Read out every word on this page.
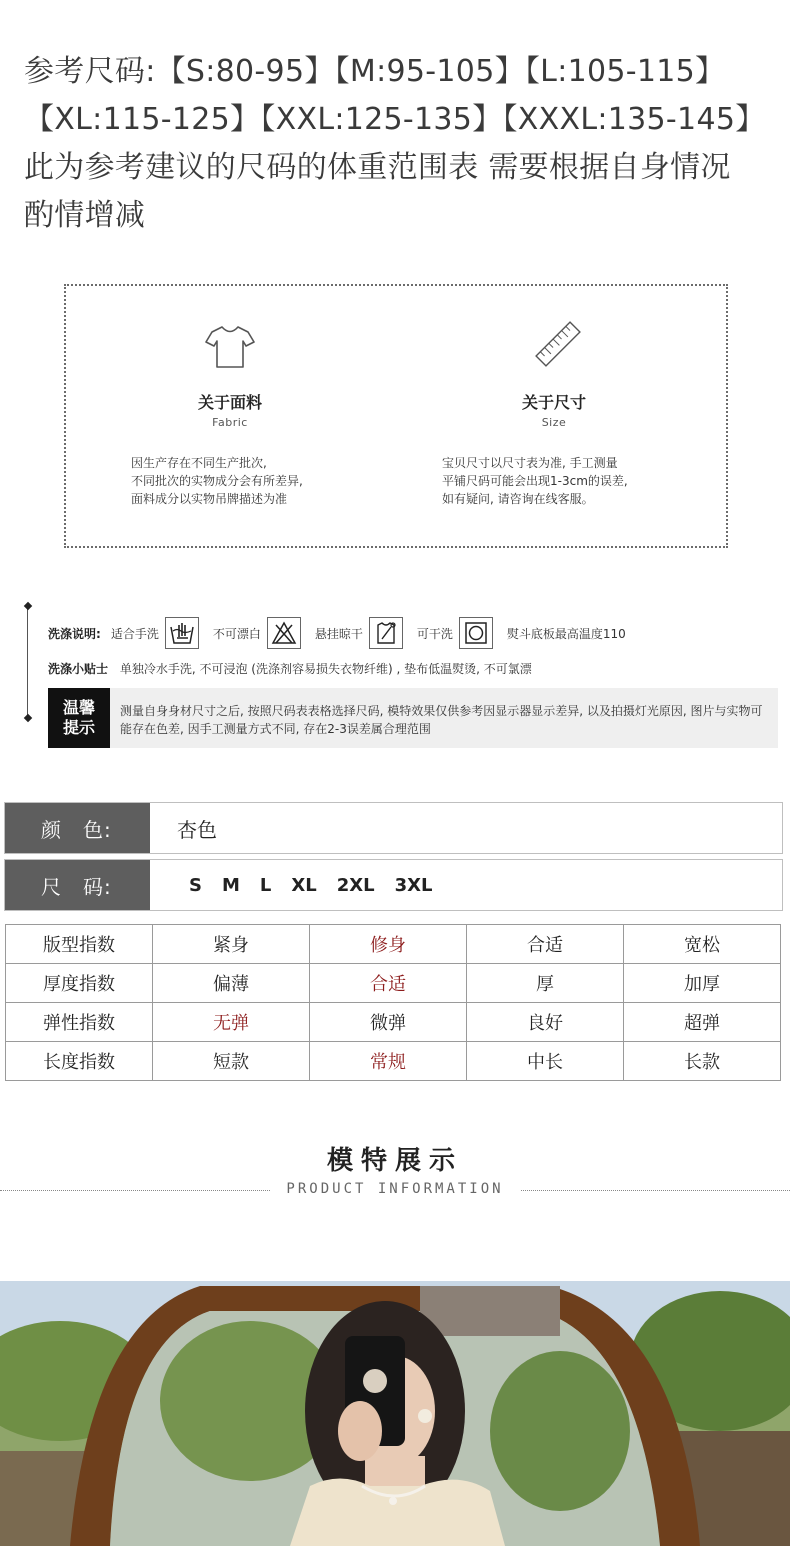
参考尺码:【S:80-95】【M:95-105】【L:105-115】
【XL:115-125】【XXL:125-135】【XXXL:135-145】
此为参考建议的尺码的体重范围表 需要根据自身情况
酌情增减
关于面料
Fabric
因生产存在不同生产批次,
不同批次的实物成分会有所差异,
面料成分以实物吊牌描述为准
关于尺寸
Size
宝贝尺寸以尺寸表为准, 手工测量
平铺尺码可能会出现1-3cm的误差,
如有疑问, 请咨询在线客服。
洗涤说明: 适合手洗	不可漂白	悬挂晾干	可干洗	熨斗底板最高温度110
洗涤小贴士 单独冷水手洗, 不可浸泡 (洗涤剂容易损失衣物纤维) , 垫布低温熨烫, 不可氯漂
温馨
提示
测量自身身材尺寸之后, 按照尺码表表格选择尺码, 模特效果仅供参考因显示器显示差异, 以及拍摄灯光原因, 图片与实物可能存在色差, 因手工测量方式不同, 存在2-3误差属合理范围
颜　色:	杏色
尺　码:	S M L XL 2XL 3XL
版型指数	紧身	修身	合适	宽松
厚度指数	偏薄	合适	厚	加厚
弹性指数	无弹	微弹	良好	超弹
长度指数	短款	常规	中长	长款
模特展示
PRODUCT INFORMATION
